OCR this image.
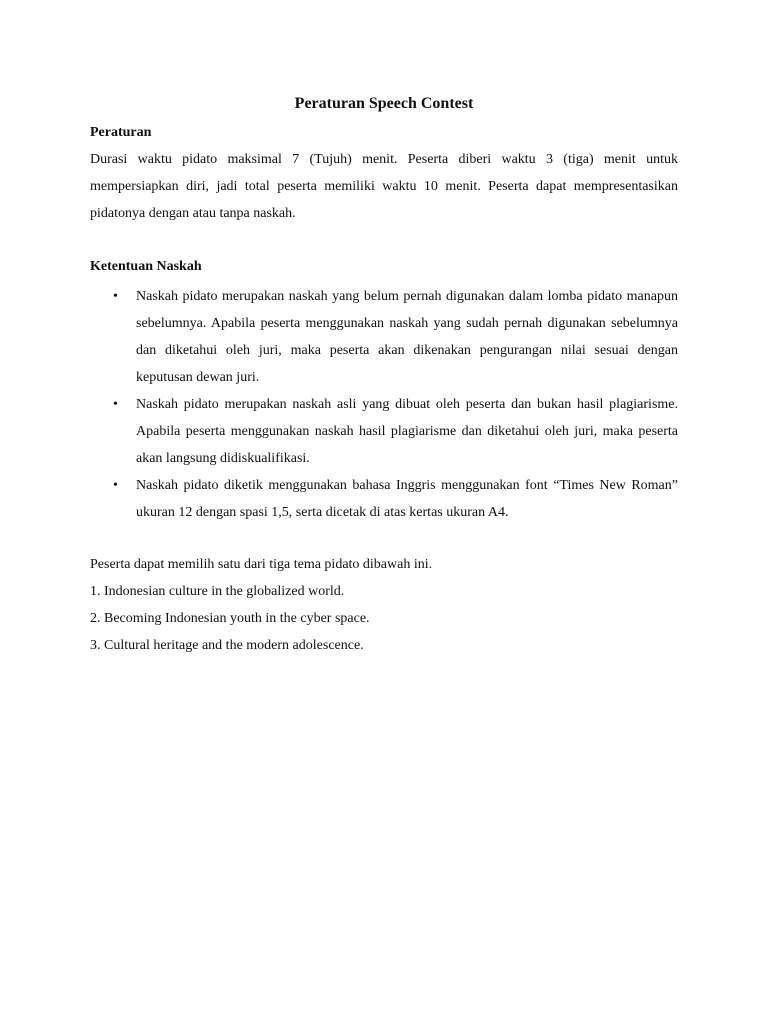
Peraturan Speech Contest
Peraturan
Durasi waktu pidato maksimal 7 (Tujuh) menit. Peserta diberi waktu 3 (tiga) menit untuk mempersiapkan diri, jadi total peserta memiliki waktu 10 menit. Peserta dapat mempresentasikan pidatonya dengan atau tanpa naskah.
Ketentuan Naskah
• Naskah pidato merupakan naskah yang belum pernah digunakan dalam lomba pidato manapun sebelumnya. Apabila peserta menggunakan naskah yang sudah pernah digunakan sebelumnya dan diketahui oleh juri, maka peserta akan dikenakan pengurangan nilai sesuai dengan keputusan dewan juri.
• Naskah pidato merupakan naskah asli yang dibuat oleh peserta dan bukan hasil plagiarisme. Apabila peserta menggunakan naskah hasil plagiarisme dan diketahui oleh juri, maka peserta akan langsung didiskualifikasi.
• Naskah pidato diketik menggunakan bahasa Inggris menggunakan font “Times New Roman” ukuran 12 dengan spasi 1,5, serta dicetak di atas kertas ukuran A4.
Peserta dapat memilih satu dari tiga tema pidato dibawah ini.
1. Indonesian culture in the globalized world.
2. Becoming Indonesian youth in the cyber space.
3. Cultural heritage and the modern adolescence.
